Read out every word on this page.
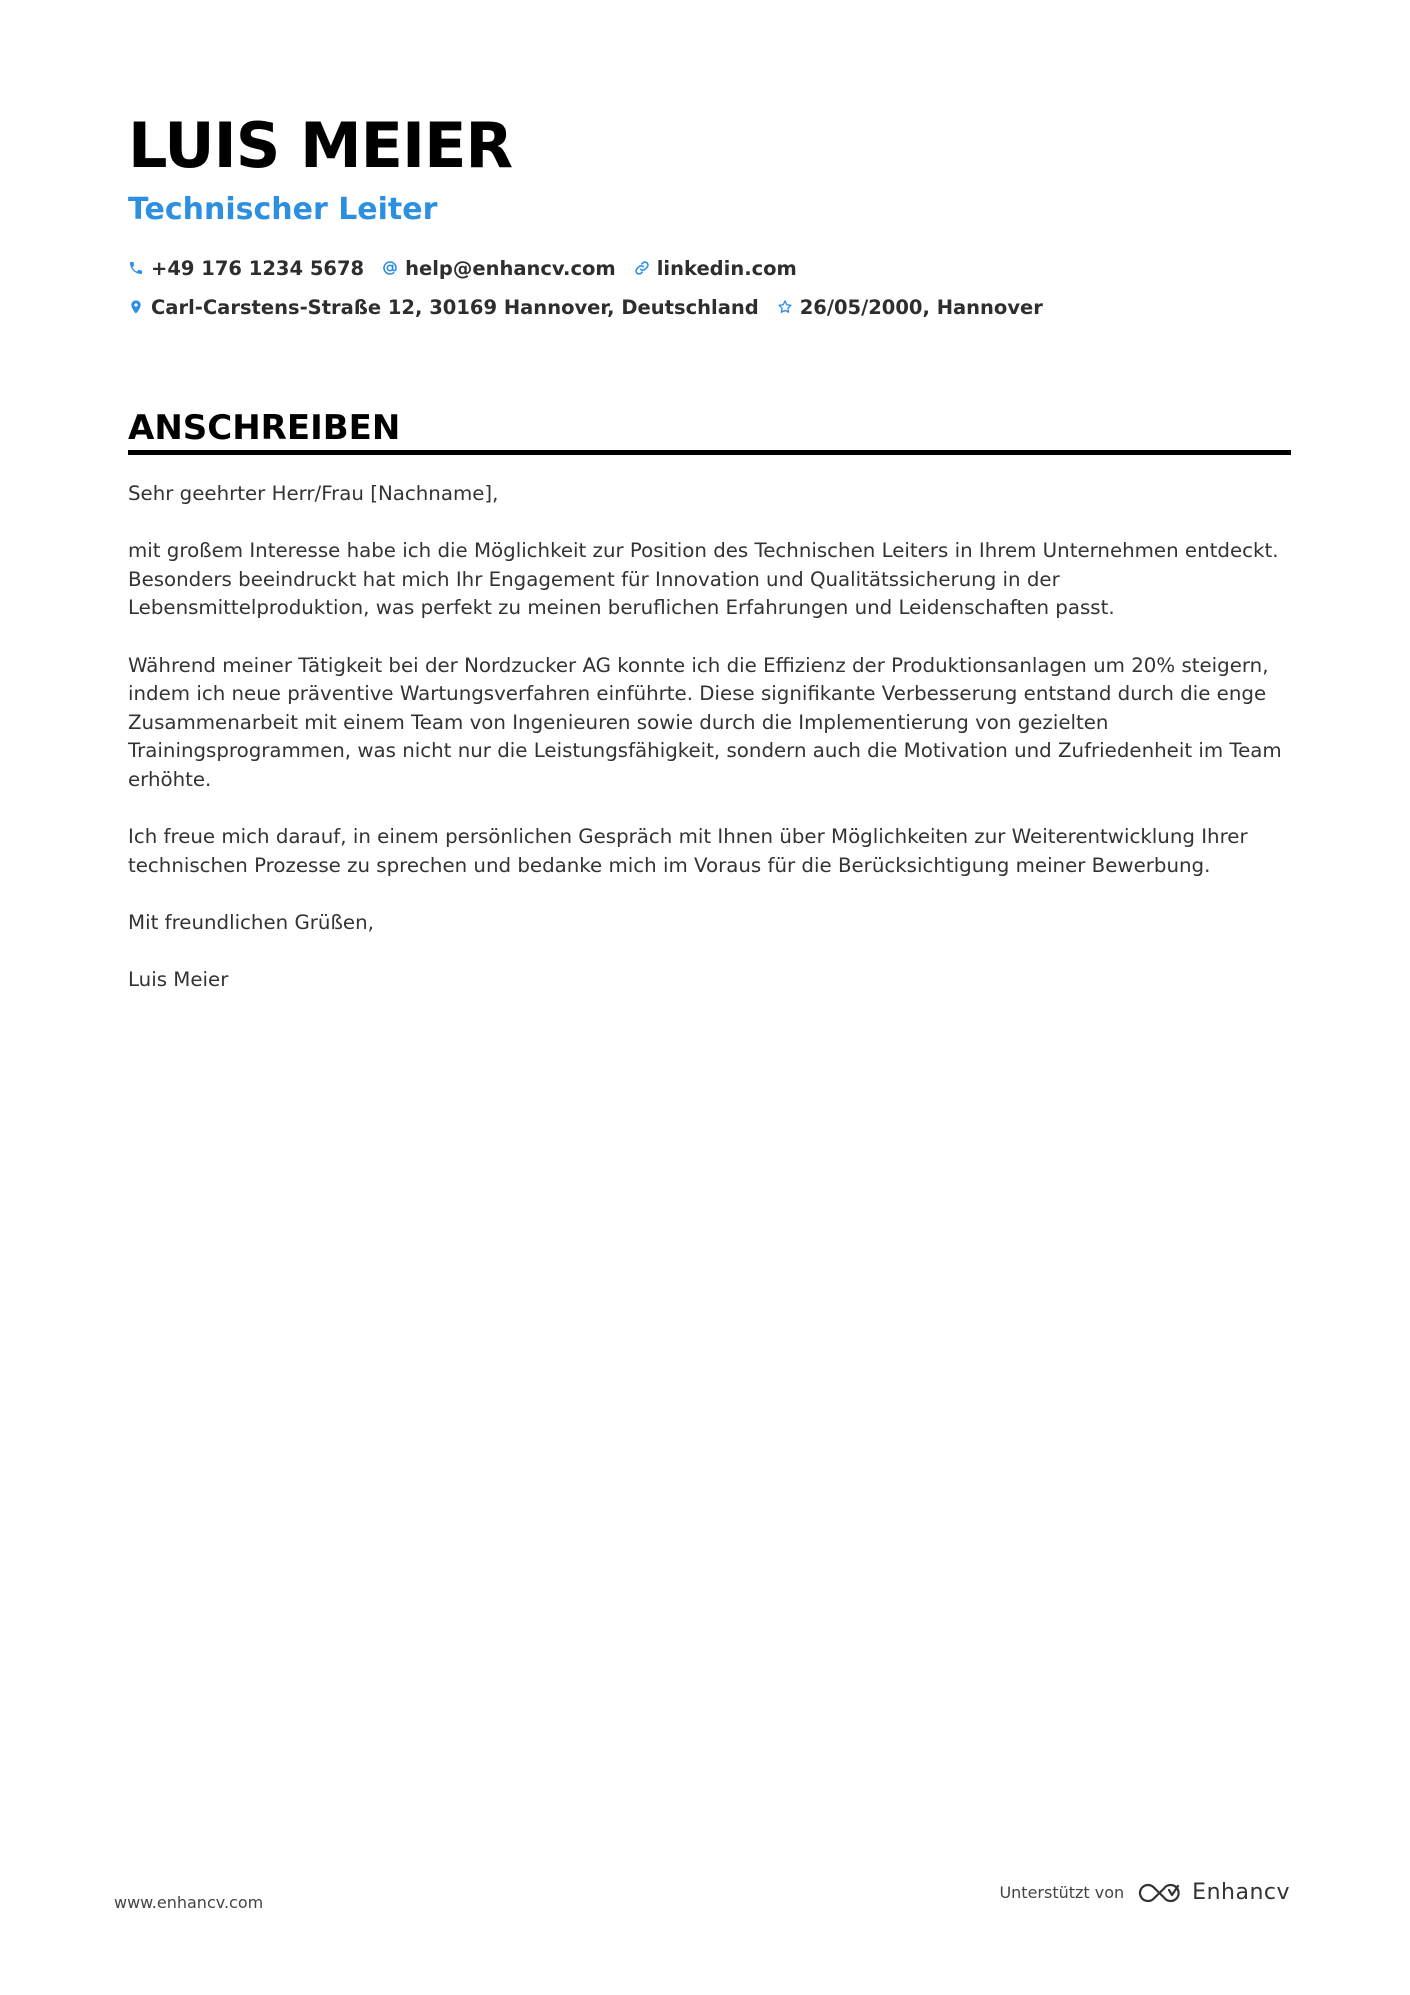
LUIS MEIER
Technischer Leiter
+49 176 1234 5678 help@enhancv.com linkedin.com
Carl-Carstens-Straße 12, 30169 Hannover, Deutschland 26/05/2000, Hannover
ANSCHREIBEN

Sehr geehrter Herr/Frau [Nachname],

mit großem Interesse habe ich die Möglichkeit zur Position des Technischen Leiters in Ihrem Unternehmen entdeckt. Besonders beeindruckt hat mich Ihr Engagement für Innovation und Qualitätssicherung in der Lebensmittelproduktion, was perfekt zu meinen beruflichen Erfahrungen und Leidenschaften passt.

Während meiner Tätigkeit bei der Nordzucker AG konnte ich die Effizienz der Produktionsanlagen um 20% steigern, indem ich neue präventive Wartungsverfahren einführte. Diese signifikante Verbesserung entstand durch die enge Zusammenarbeit mit einem Team von Ingenieuren sowie durch die Implementierung von gezielten Trainingsprogrammen, was nicht nur die Leistungsfähigkeit, sondern auch die Motivation und Zufriedenheit im Team erhöhte.

Ich freue mich darauf, in einem persönlichen Gespräch mit Ihnen über Möglichkeiten zur Weiterentwicklung Ihrer technischen Prozesse zu sprechen und bedanke mich im Voraus für die Berücksichtigung meiner Bewerbung.

Mit freundlichen Grüßen,

Luis Meier

www.enhancv.com
Unterstützt von	Enhancv
